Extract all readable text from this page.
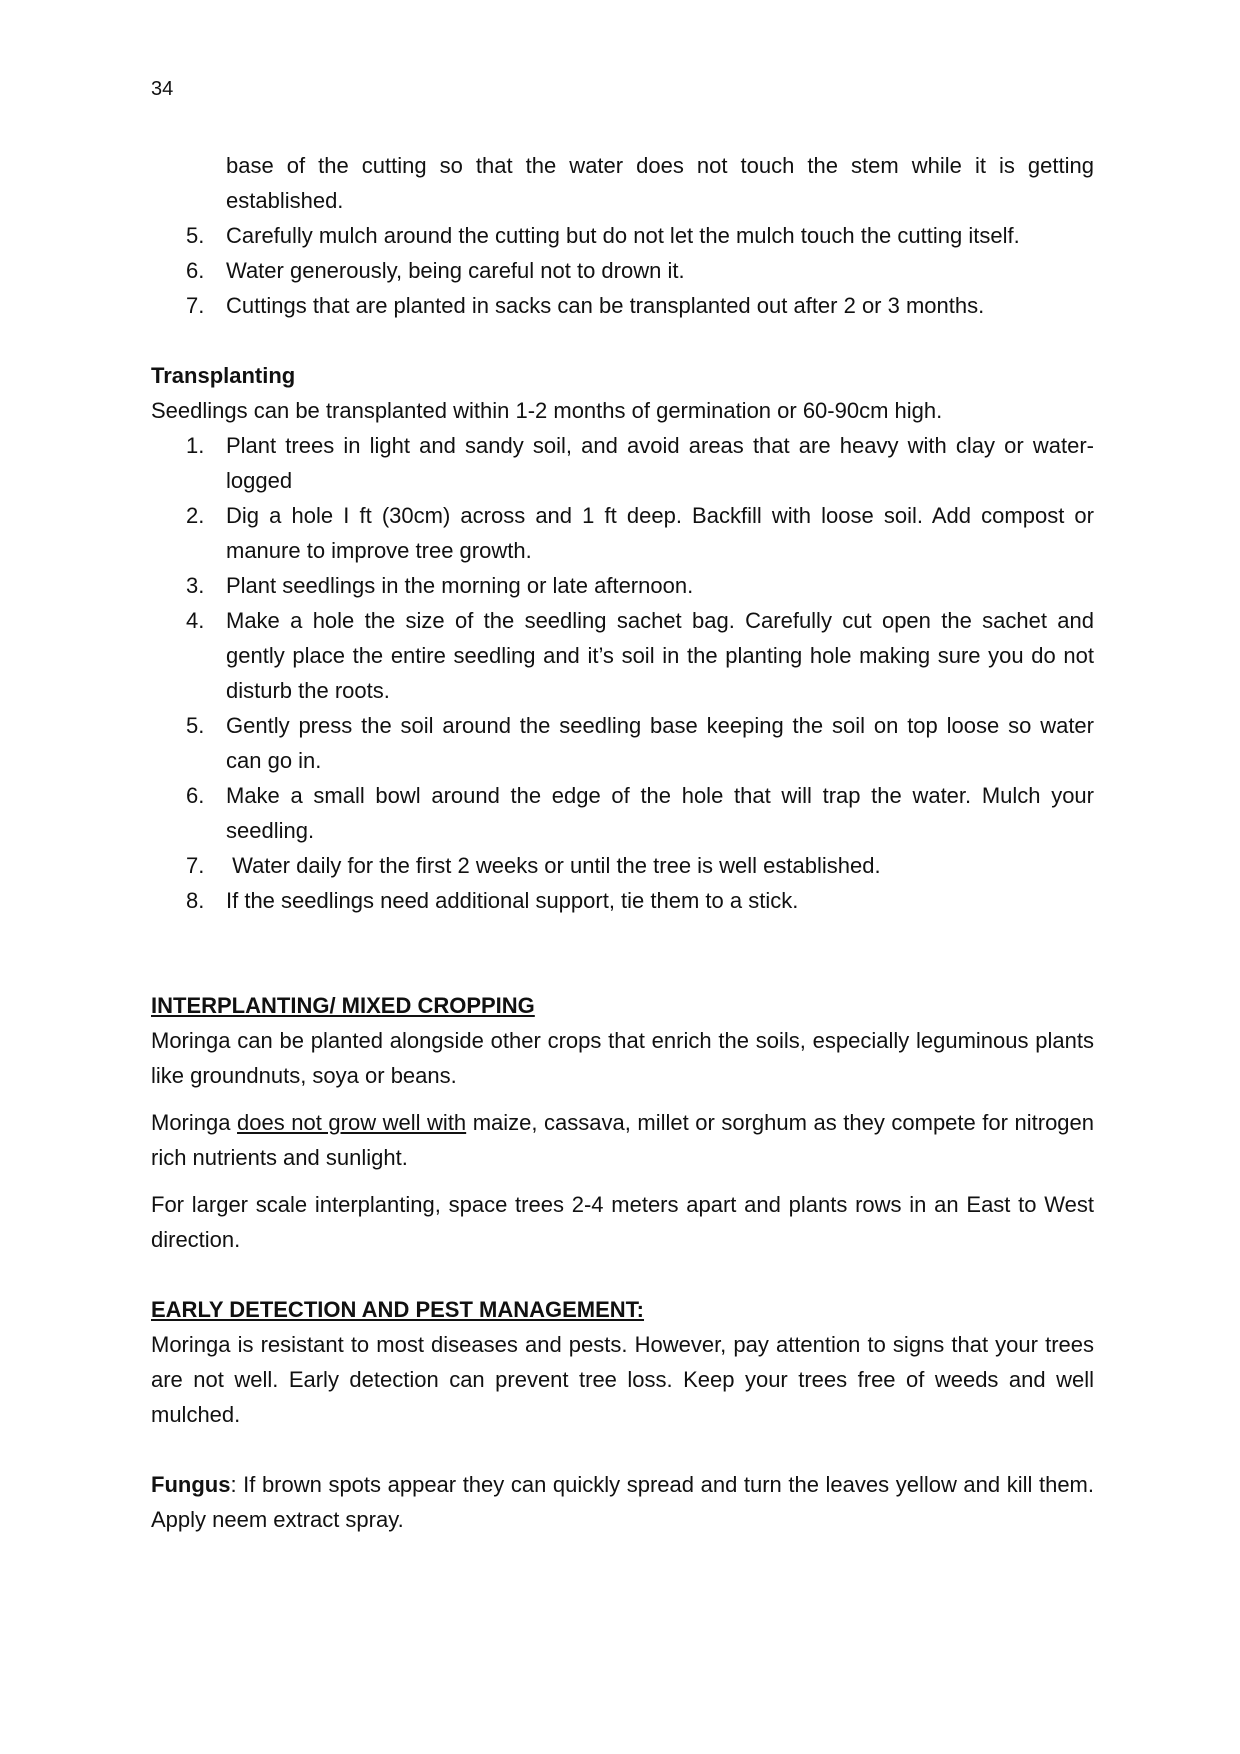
34
base of the cutting so that the water does not touch the stem while it is getting established.
5. Carefully mulch around the cutting but do not let the mulch touch the cutting itself.
6. Water generously, being careful not to drown it.
7. Cuttings that are planted in sacks can be transplanted out after 2 or 3 months.

Transplanting

Seedlings can be transplanted within 1-2 months of germination or 60-90cm high.

1. Plant trees in light and sandy soil, and avoid areas that are heavy with clay or water-logged
2. Dig a hole I ft (30cm) across and 1 ft deep. Backfill with loose soil. Add compost or manure to improve tree growth.
3. Plant seedlings in the morning or late afternoon.
4. Make a hole the size of the seedling sachet bag. Carefully cut open the sachet and gently place the entire seedling and it’s soil in the planting hole making sure you do not disturb the roots.
5. Gently press the soil around the seedling base keeping the soil on top loose so water can go in.
6. Make a small bowl around the edge of the hole that will trap the water. Mulch your seedling.
7. Water daily for the first 2 weeks or until the tree is well established.
8. If the seedlings need additional support, tie them to a stick.

INTERPLANTING/ MIXED CROPPING

Moringa can be planted alongside other crops that enrich the soils, especially leguminous plants like groundnuts, soya or beans.

Moringa does not grow well with maize, cassava, millet or sorghum as they compete for nitrogen rich nutrients and sunlight.

For larger scale interplanting, space trees 2-4 meters apart and plants rows in an East to West direction.

EARLY DETECTION AND PEST MANAGEMENT:

Moringa is resistant to most diseases and pests. However, pay attention to signs that your trees are not well. Early detection can prevent tree loss. Keep your trees free of weeds and well mulched.

Fungus: If brown spots appear they can quickly spread and turn the leaves yellow and kill them. Apply neem extract spray.
